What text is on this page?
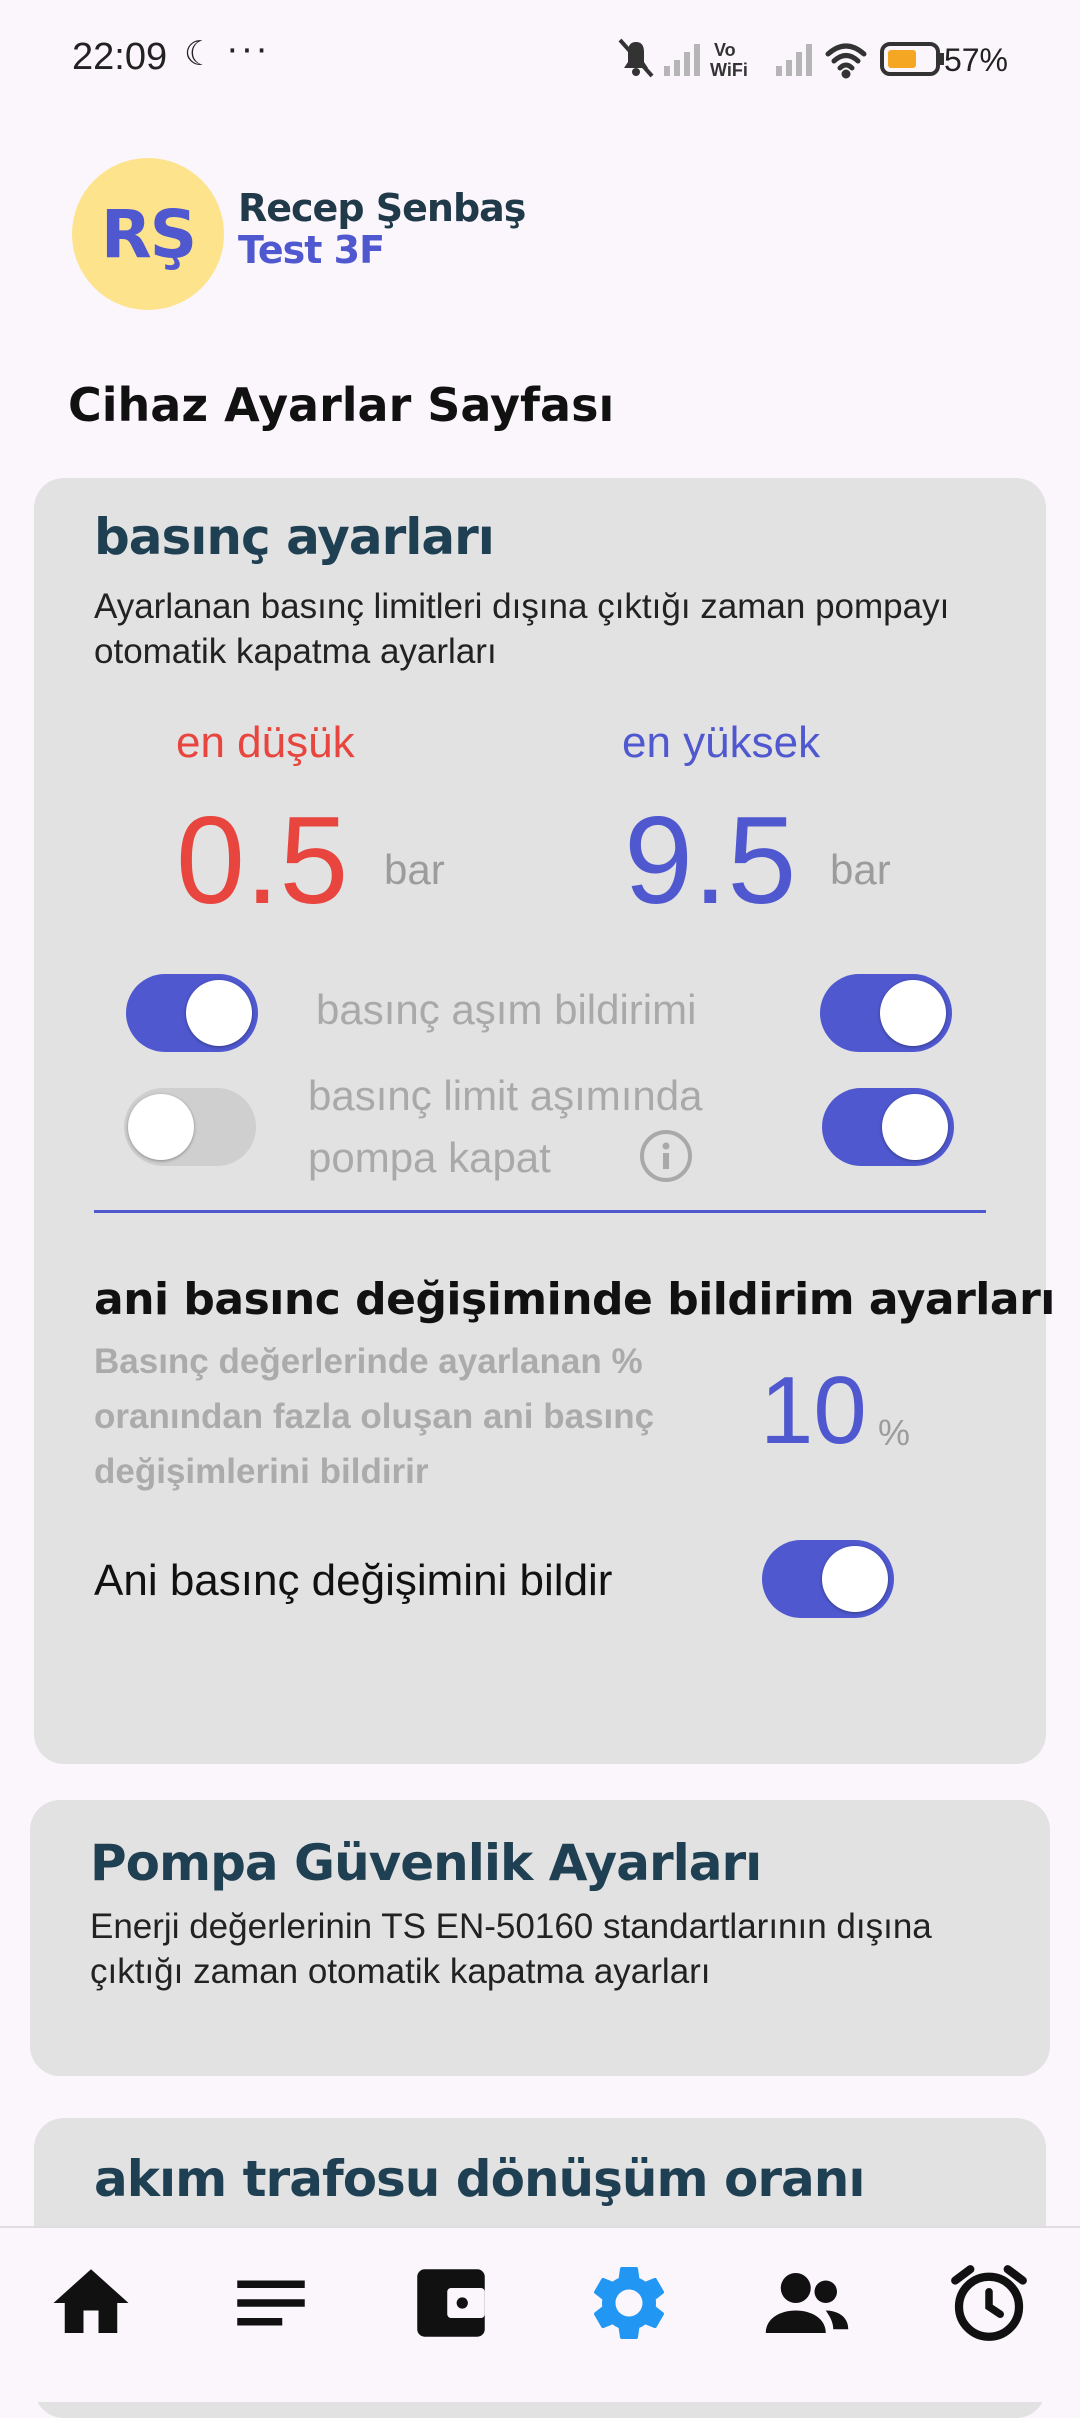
22:09 ☾ ···	Vo
WiFi	57%
RŞ	Recep Şenbaş
Test 3F
Cihaz Ayarlar Sayfası
basınç ayarları
Ayarlanan basınç limitleri dışına çıktığı zaman pompayı otomatik kapatma ayarları
en düşük	en yüksek
0.5 9.5
bar	bar
basınç aşım bildirimi
basınç limit aşımında
pompa kapat
ani basınc değişiminde bildirim ayarları
Basınç değerlerinde ayarlanan % oranından fazla oluşan ani basınç değişimlerini bildirir
10 %
Ani basınç değişimini bildir
Pompa Güvenlik Ayarları
Enerji değerlerinin TS EN-50160 standartlarının dışına çıktığı zaman otomatik kapatma ayarları
akım trafosu dönüşüm oranı
